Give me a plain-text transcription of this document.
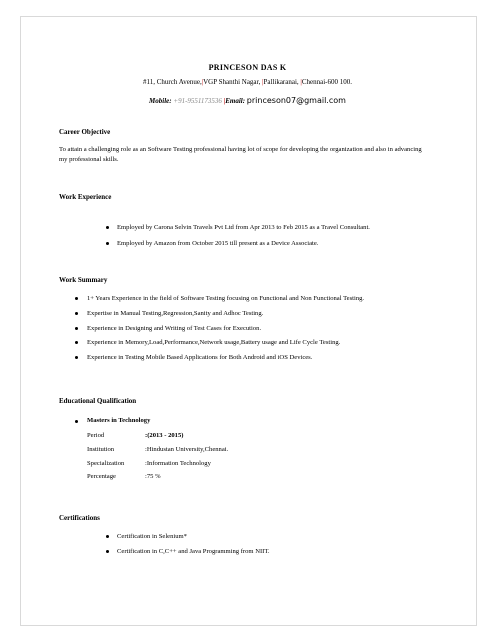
PRINCESON DAS K
#11, Church Avenue,|VGP Shanthi Nagar, |Pallikaranai, |Chennai-600 100.
Mobile: +91-9551173536 |Email: princeson07@gmail.com
Career Objective
To attain a challenging role as an Software Testing professional having lot of scope for developing the organization and also in advancing my professional skills.
Work Experience
Employed by Carona Selvin Travels Pvt Ltd from Apr 2013 to Feb 2015 as a Travel Consultant.
Employed by Amazon from October 2015 till present as a Device Associate.
Work Summary
1+ Years Experience in the field of Software Testing focusing on Functional and Non Functional Testing.
Expertise in Manual Testing,Regression,Sanity and Adhoc Testing.
Experience in Designing and Writing of Test Cases for Execution.
Experience in Memory,Load,Performance,Network usage,Battery usage and Life Cycle Testing.
Experience in Testing Mobile Based Applications for Both Android and iOS Devices.
Educational Qualification
Masters in Technology
Period	:(2013 - 2015)
Institution	:Hindustan University,Chennai.
Specialization	:Information Technology
Percentage	:75 %
Certifications
Certification in Selenium*
Certification in C,C++ and Java Programming from NIIT.
